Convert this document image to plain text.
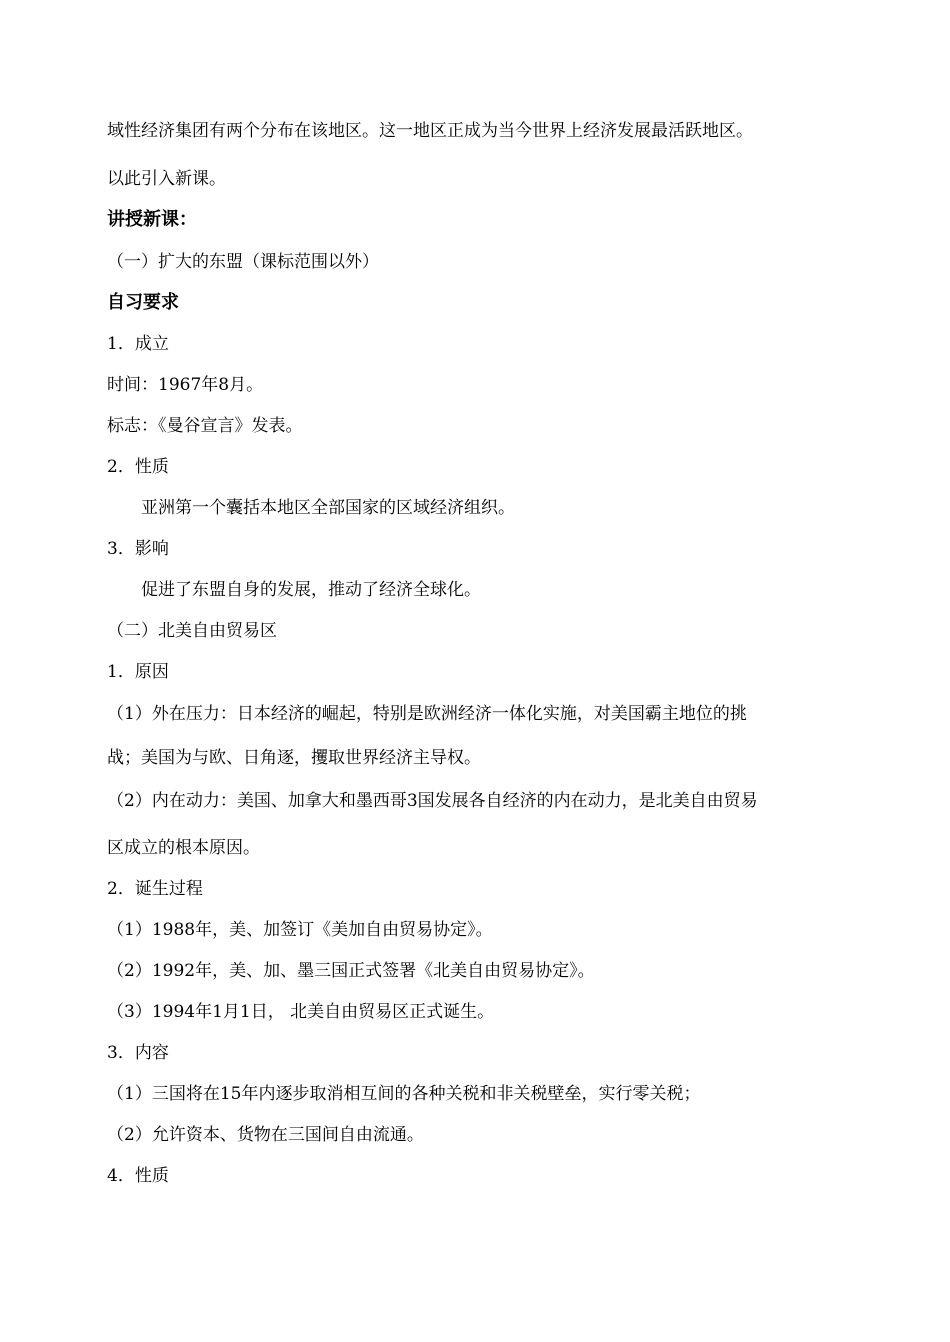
域性经济集团有两个分布在该地区。这一地区正成为当今世界上经济发展最活跃地区。
以此引入新课。
讲授新课：
（一）扩大的东盟（课标范围以外）
自习要求
1．成立
时间：1967年8月。
标志：《曼谷宣言》发表。
2．性质
亚洲第一个囊括本地区全部国家的区域经济组织。
3．影响
促进了东盟自身的发展，推动了经济全球化。
（二）北美自由贸易区
1．原因
（1）外在压力：日本经济的崛起，特别是欧洲经济一体化实施，对美国霸主地位的挑
战；美国为与欧、日角逐，攫取世界经济主导权。
（2）内在动力：美国、加拿大和墨西哥3国发展各自经济的内在动力，是北美自由贸易
区成立的根本原因。
2．诞生过程
（1）1988年，美、加签订《美加自由贸易协定》。
（2）1992年，美、加、墨三国正式签署《北美自由贸易协定》。
（3）1994年1月1日， 北美自由贸易区正式诞生。
3．内容
（1）三国将在15年内逐步取消相互间的各种关税和非关税壁垒，实行零关税；
（2）允许资本、货物在三国间自由流通。
4．性质
